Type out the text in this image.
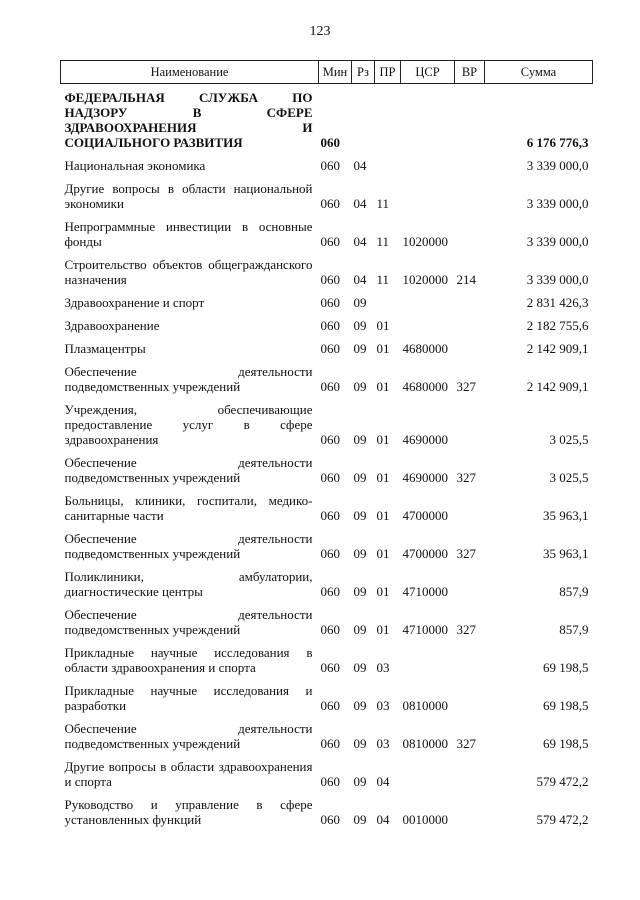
123
Наименование	Мин	Рз	ПР	ЦСР	ВР	Сумма
ФЕДЕРАЛЬНАЯ СЛУЖБА ПО НАДЗОРУ В СФЕРЕ ЗДРАВООХРАНЕНИЯ И СОЦИАЛЬНОГО РАЗВИТИЯ	060					6 176 776,3
Национальная экономика	060	04				3 339 000,0
Другие вопросы в области национальной экономики	060	04	11			3 339 000,0
Непрограммные инвестиции в основные фонды	060	04	11	1020000		3 339 000,0
Строительство объектов общегражданского назначения	060	04	11	1020000	214	3 339 000,0
Здравоохранение и спорт	060	09				2 831 426,3
Здравоохранение	060	09	01			2 182 755,6
Плазмацентры	060	09	01	4680000		2 142 909,1
Обеспечение деятельности подведомственных учреждений	060	09	01	4680000	327	2 142 909,1
Учреждения, обеспечивающие предоставление услуг в сфере здравоохранения	060	09	01	4690000		3 025,5
Обеспечение деятельности подведомственных учреждений	060	09	01	4690000	327	3 025,5
Больницы, клиники, госпитали, медико-санитарные части	060	09	01	4700000		35 963,1
Обеспечение деятельности подведомственных учреждений	060	09	01	4700000	327	35 963,1
Поликлиники, амбулатории, диагностические центры	060	09	01	4710000		857,9
Обеспечение деятельности подведомственных учреждений	060	09	01	4710000	327	857,9
Прикладные научные исследования в области здравоохранения и спорта	060	09	03			69 198,5
Прикладные научные исследования и разработки	060	09	03	0810000		69 198,5
Обеспечение деятельности подведомственных учреждений	060	09	03	0810000	327	69 198,5
Другие вопросы в области здравоохранения и спорта	060	09	04			579 472,2
Руководство и управление в сфере установленных функций	060	09	04	0010000		579 472,2
